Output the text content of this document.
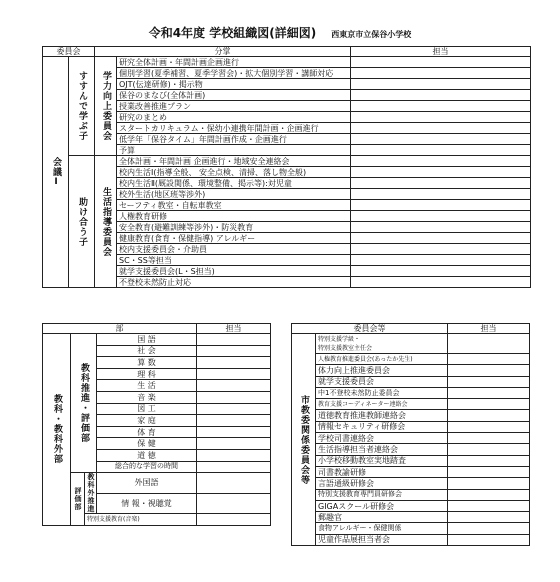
令和4年度 学校組織図(詳細図) 西東京市立保谷小学校
委員会		分掌		担当
会議Ⅰ	すすんで学ぶ子	学力向上委員会	研究全体計画・年間計画企画進行	
			個別学習(夏季補習、夏季学習会)・拡大個別学習・講師対応	
			OJT(伝達研修)・掲示物	
			保谷のまなび(全体計画)	
			授業改善推進プラン	
			研究のまとめ	
			スタートカリキュラム・保幼小連携年間計画・企画進行	
			低学年「保谷タイム」年間計画作成・企画進行	
			予算	
	助け合う子	生活指導委員会	全体計画・年間計画 企画進行・地域安全連絡会	
			校内生活Ⅰ(指導全般、 安全点検、清掃、落し物全般)	
			校内生活Ⅱ(厩設関係、環境整備、掲示等):対児童	
			校外生活(地区班等渉外)	
			セーフティ教室・自転車教室	
			人権教育研修	
			安全教育(避難訓練等渉外)・防災教育	
			健康教育(食育・保健指導) アレルギー	
			校内支援委員会・介助員	
			SC・SS等担当	
			就学支援委員会(L・S担当)	
			不登校未然防止対応	
部				担当
教科・教科外部	教科推進・評価部		国 語	
			社 会	
			算 数	
			理 科	
			生 活	
			音 楽	
			図 工	
			家 庭	
			体 育	
			保 健	
			道 徳	
			総合的な学習の時間	
	評価部	教科外推進	外国語	
			情 報・視聴覚	
		特別支援教育(音楽)		
委員会等		担当
市教委関係委員会等	特別支援学級・
特別支援教室主任会	
	人権教育推進委員会(あったか先生)	
	体力向上推進委員会	
	就学支援委員会	
	中1不登校未然防止委員会	
	教育支援コーディネーター連絡会	
	道徳教育推進教師連絡会	
	情報セキュリティ研修会	
	学校司書連絡会	
	生活指導担当者連絡会	
	小学校移動教室実地踏査	
	司書教諭研修	
	言語通級研修会	
	特別支援教育専門員研修会	
	GIGAスクール研修会	
	郵趣官	
	食物アレルギー・保健関係	
	児童作品展担当者会	
